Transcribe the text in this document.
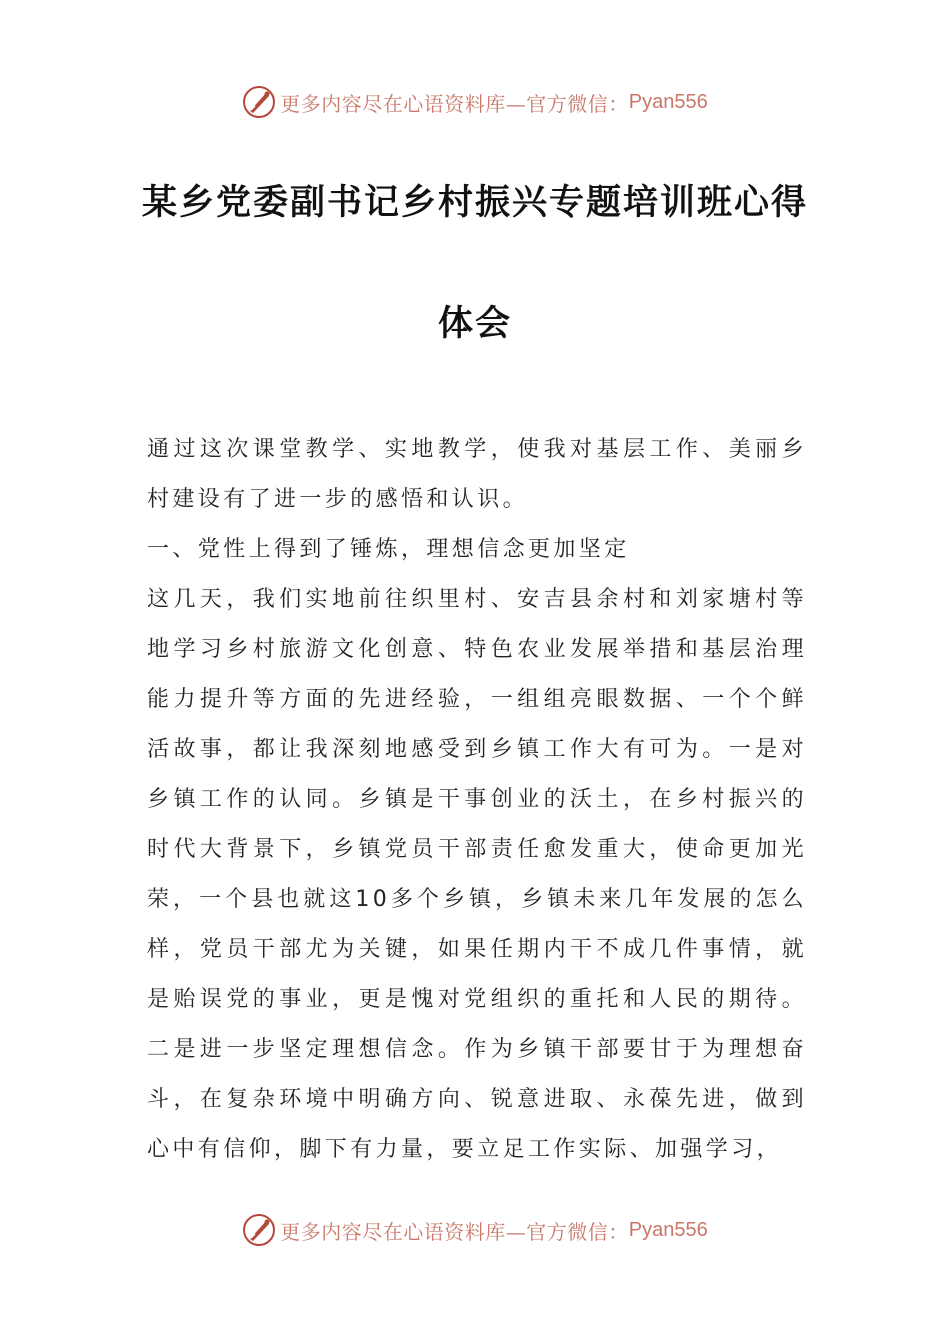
更多内容尽在心语资料库—官方微信： Pyan556
某乡党委副书记乡村振兴专题培训班心得
体会

通过这次课堂教学、实地教学，使我对基层工作、美丽乡村建设有了进一步的感悟和认识。

一、党性上得到了锤炼，理想信念更加坚定

这几天，我们实地前往织里村、安吉县余村和刘家塘村等地学习乡村旅游文化创意、特色农业发展举措和基层治理能力提升等方面的先进经验，一组组亮眼数据、一个个鲜活故事，都让我深刻地感受到乡镇工作大有可为。一是对乡镇工作的认同。乡镇是干事创业的沃土，在乡村振兴的时代大背景下，乡镇党员干部责任愈发重大，使命更加光荣，一个县也就这10多个乡镇，乡镇未来几年发展的怎么样，党员干部尤为关键，如果任期内干不成几件事情，就是贻误党的事业，更是愧对党组织的重托和人民的期待。二是进一步坚定理想信念。作为乡镇干部要甘于为理想奋斗，在复杂环境中明确方向、锐意进取、永葆先进，做到心中有信仰，脚下有力量，要立足工作实际、加强学习，

更多内容尽在心语资料库—官方微信： Pyan556
